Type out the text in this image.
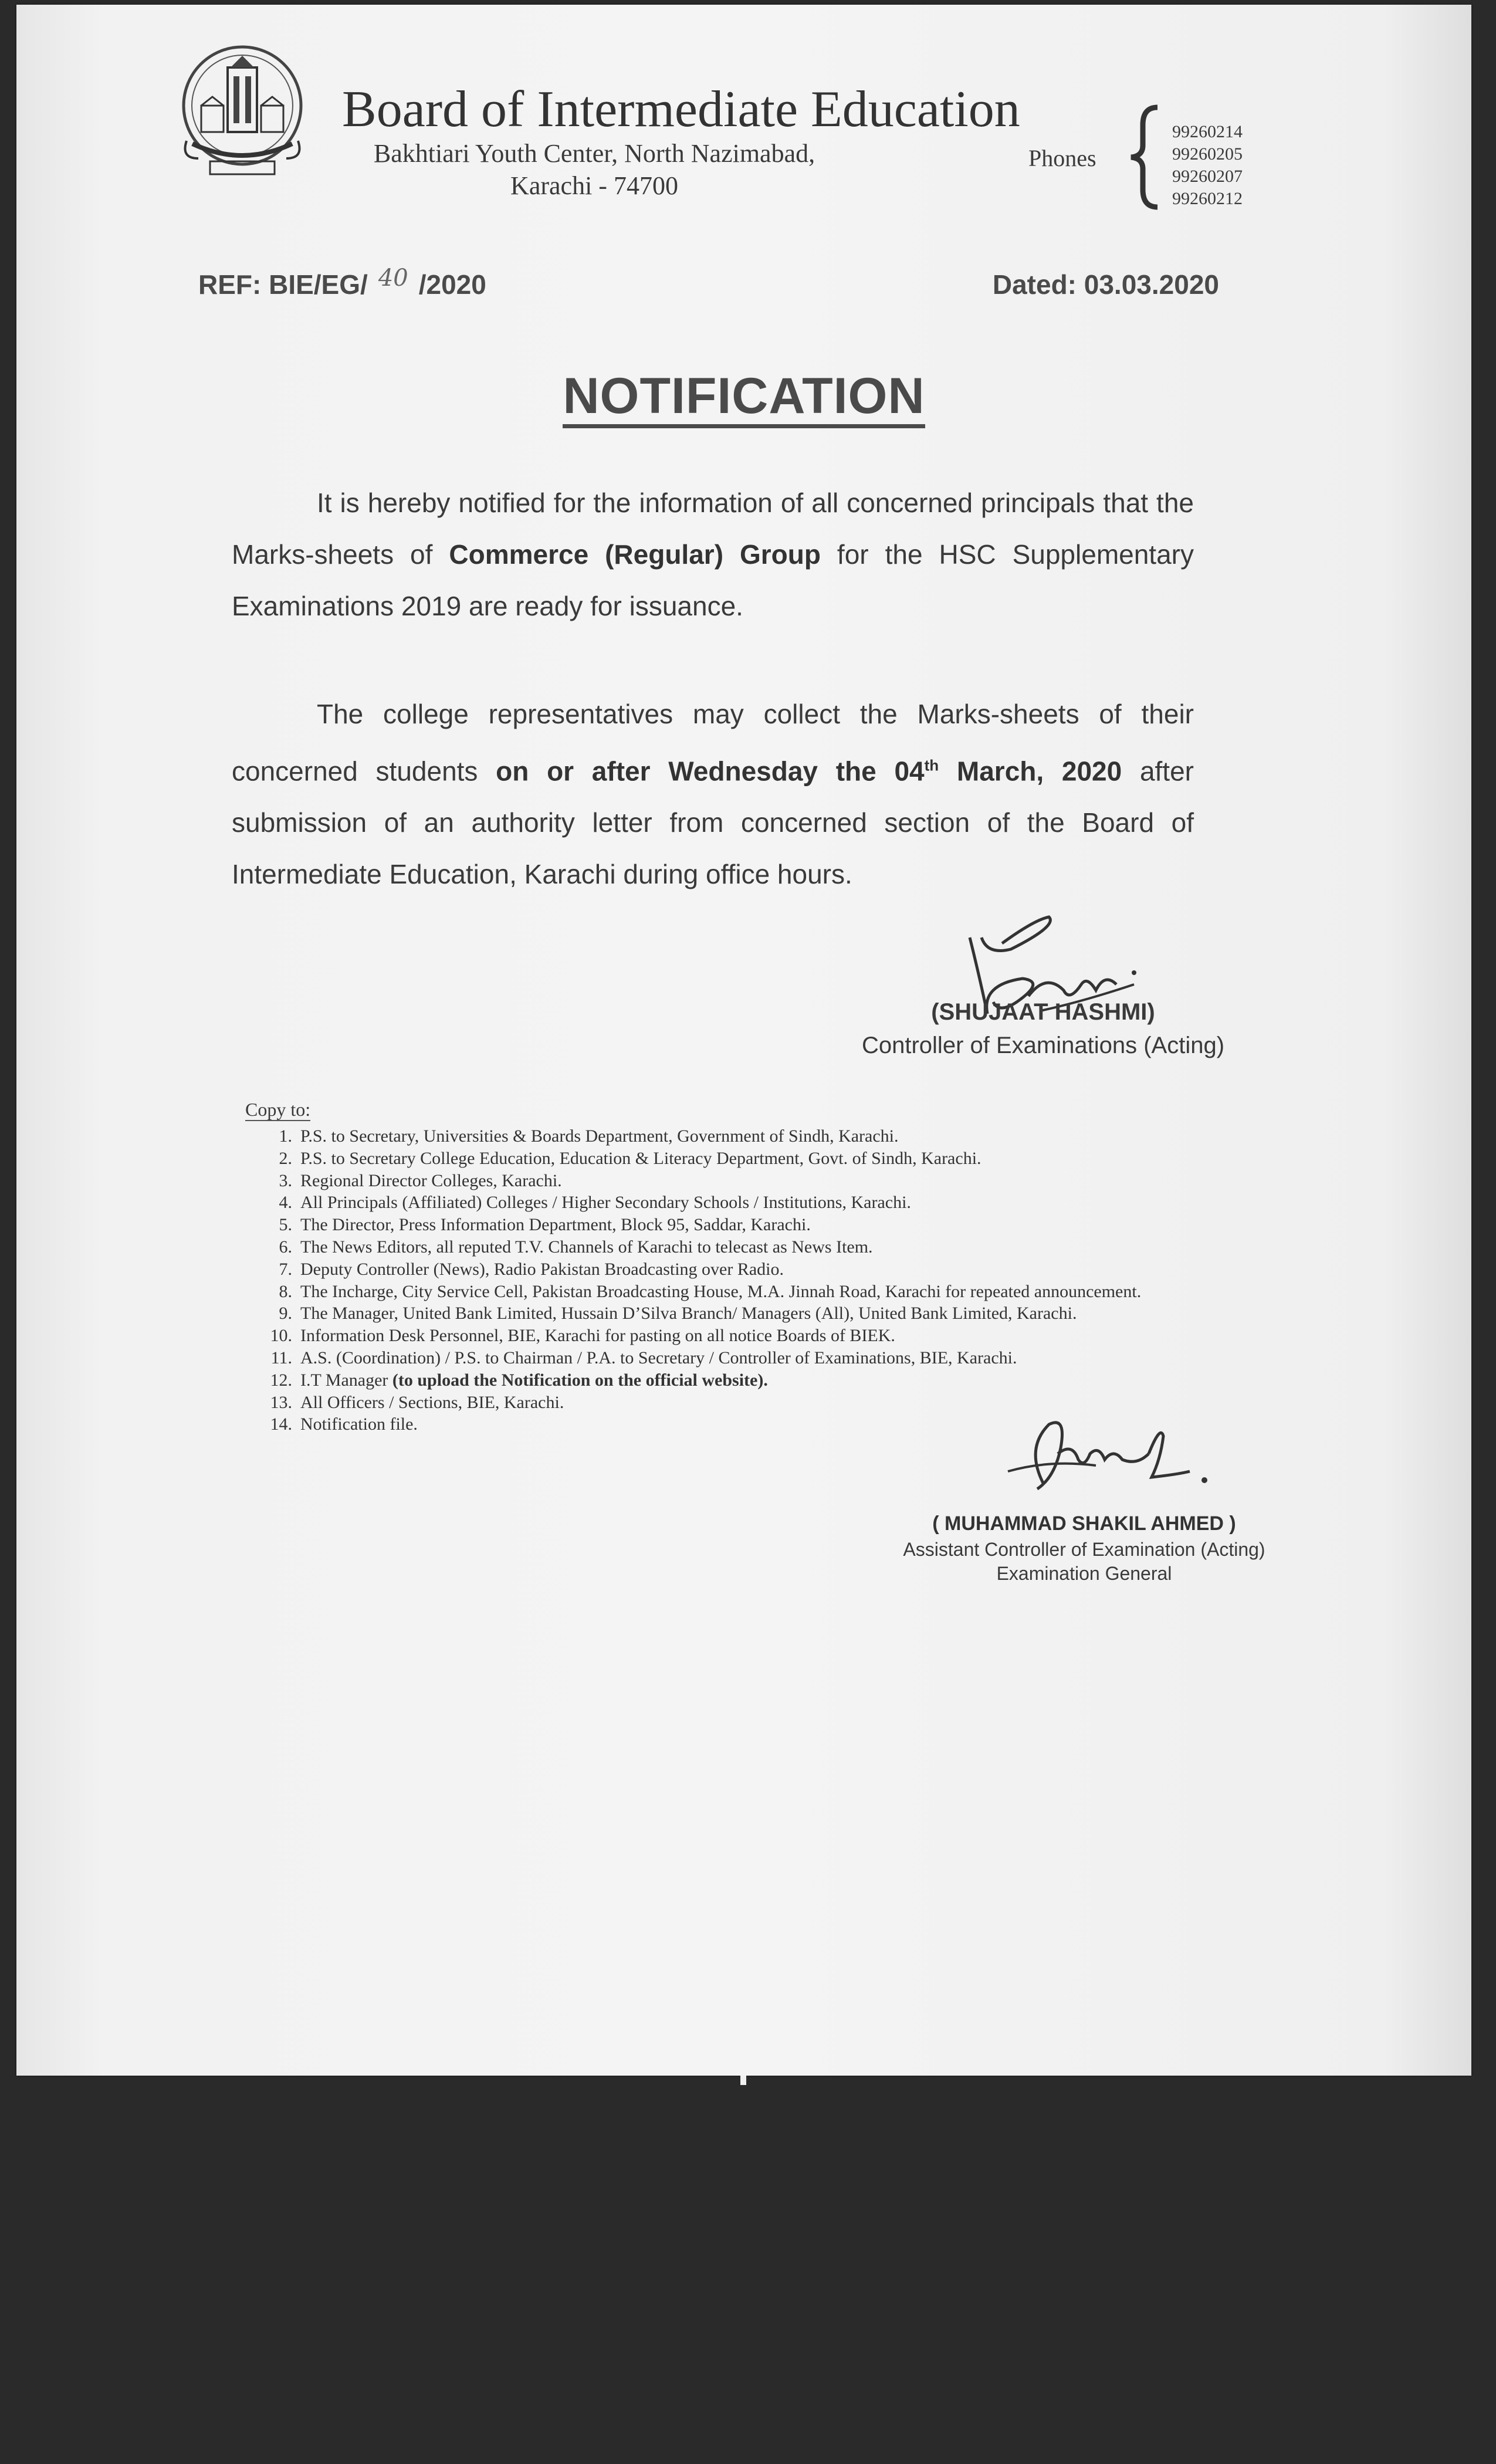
Board of Intermediate Education
Bakhtiari Youth Center, North Nazimabad,
Karachi - 74700
Phones
99260214
99260205
99260207
99260212
REF: BIE/EG/ 40 /2020	Dated: 03.03.2020
NOTIFICATION

It is hereby notified for the information of all concerned principals that the Marks-sheets of Commerce (Regular) Group for the HSC Supplementary Examinations 2019 are ready for issuance.

The college representatives may collect the Marks-sheets of their concerned students on or after Wednesday the 04th March, 2020 after submission of an authority letter from concerned section of the Board of Intermediate Education, Karachi during office hours.

(SHUJAAT HASHMI)
Controller of Examinations (Acting)
Copy to:
1. P.S. to Secretary, Universities & Boards Department, Government of Sindh, Karachi.
2. P.S. to Secretary College Education, Education & Literacy Department, Govt. of Sindh, Karachi.
3. Regional Director Colleges, Karachi.
4. All Principals (Affiliated) Colleges / Higher Secondary Schools / Institutions, Karachi.
5. The Director, Press Information Department, Block 95, Saddar, Karachi.
6. The News Editors, all reputed T.V. Channels of Karachi to telecast as News Item.
7. Deputy Controller (News), Radio Pakistan Broadcasting over Radio.
8. The Incharge, City Service Cell, Pakistan Broadcasting House, M.A. Jinnah Road, Karachi for repeated announcement.
9. The Manager, United Bank Limited, Hussain D’Silva Branch/ Managers (All), United Bank Limited, Karachi.
10. Information Desk Personnel, BIE, Karachi for pasting on all notice Boards of BIEK.
11. A.S. (Coordination) / P.S. to Chairman / P.A. to Secretary / Controller of Examinations, BIE, Karachi.
12. I.T Manager (to upload the Notification on the official website).
13. All Officers / Sections, BIE, Karachi.
14. Notification file.
( MUHAMMAD SHAKIL AHMED )
Assistant Controller of Examination (Acting)
Examination General
